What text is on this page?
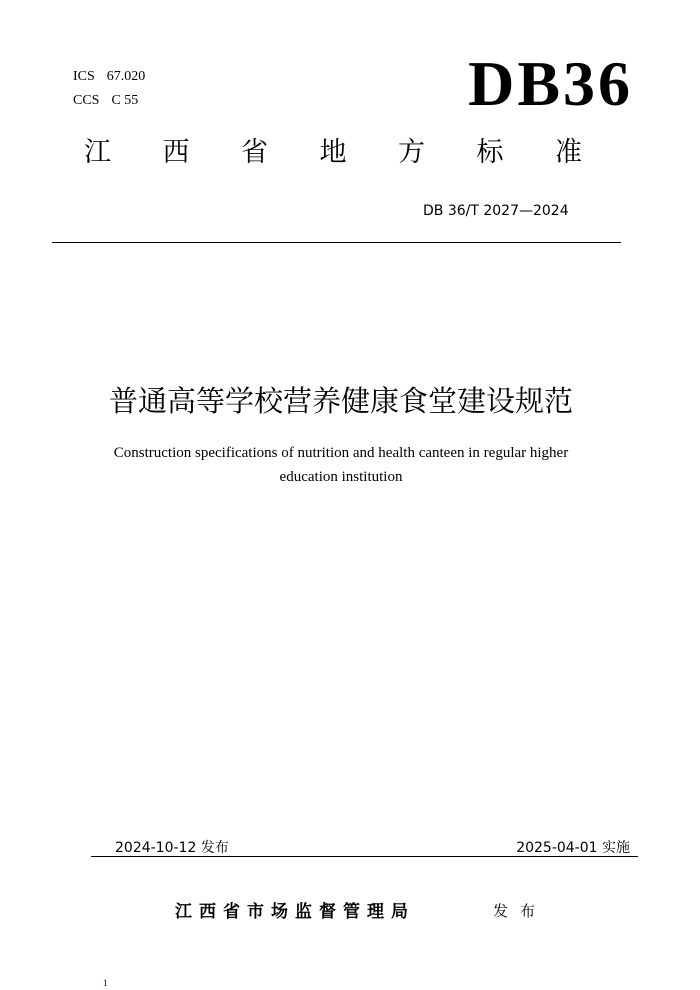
ICS 67.020
CCS C 55	DB36
江 西 省 地 方 标 准
DB 36/T 2027—2024
普通高等学校营养健康食堂建设规范
Construction specifications of nutrition and health canteen in regular higher
education institution
2024-10-12 发布	2025-04-01 实施
江西省市场监督管理局	发布
1
